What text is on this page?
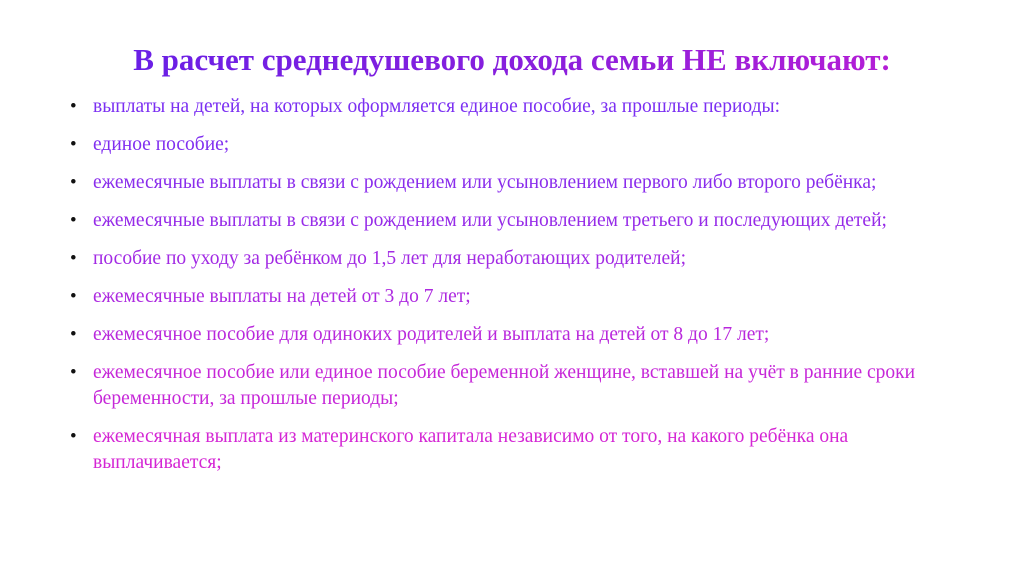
В расчет среднедушевого дохода семьи НЕ включают:
• выплаты на детей, на которых оформляется единое пособие, за прошлые периоды:
• единое пособие;
• ежемесячные выплаты в связи с рождением или усыновлением первого либо второго ребёнка;
• ежемесячные выплаты в связи с рождением или усыновлением третьего и последующих детей;
• пособие по уходу за ребёнком до 1,5 лет для неработающих родителей;
• ежемесячные выплаты на детей от 3 до 7 лет;
• ежемесячное пособие для одиноких родителей и выплата на детей от 8 до 17 лет;
• ежемесячное пособие или единое пособие беременной женщине, вставшей на учёт в ранние сроки беременности, за прошлые периоды;
• ежемесячная выплата из материнского капитала независимо от того, на какого ребёнка она выплачивается;
